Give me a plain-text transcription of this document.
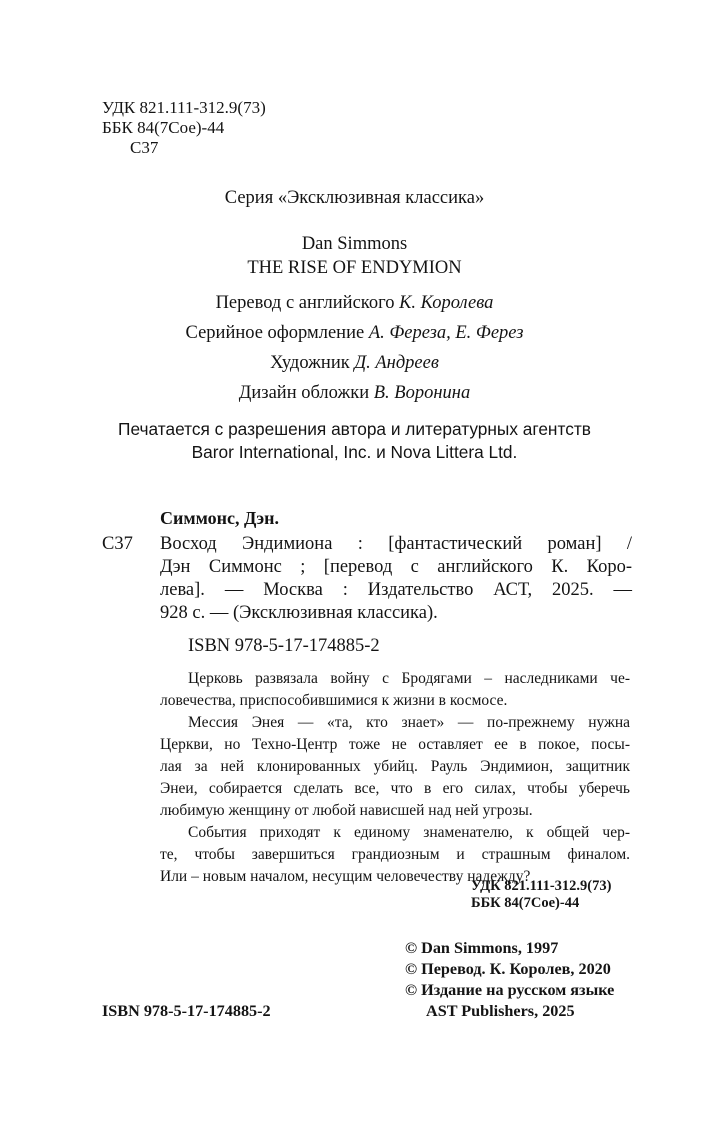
УДК 821.111-312.9(73)
ББК 84(7Сое)-44
С37
Серия «Эксклюзивная классика»
Dan Simmons
THE RISE OF ENDYMION
Перевод с английского К. Королева
Серийное оформление А. Фереза, Е. Ферез
Художник Д. Андреев
Дизайн обложки В. Воронина
Печатается с разрешения автора и литературных агентств
Baror International, Inc. и Nova Littera Ltd.
Симмонс, Дэн.
С37 Восход Эндимиона : [фантастический роман] /
Дэн Симмонс ; [перевод с английского К. Коро-
лева]. — Москва : Издательство АСТ, 2025. —
928 с. — (Эксклюзивная классика).
ISBN 978-5-17-174885-2
Церковь развязала войну с Бродягами – наследниками че-
ловечества, приспособившимися к жизни в космосе.
Мессия Энея — «та, кто знает» — по-прежнему нужна
Церкви, но Техно-Центр тоже не оставляет ее в покое, посы-
лая за ней клонированных убийц. Рауль Эндимион, защитник
Энеи, собирается сделать все, что в его силах, чтобы уберечь
любимую женщину от любой нависшей над ней угрозы.
События приходят к единому знаменателю, к общей чер-
те, чтобы завершиться грандиозным и страшным финалом.
Или – новым началом, несущим человечеству надежду?
УДК 821.111-312.9(73)
ББК 84(7Сое)-44
© Dan Simmons, 1997
© Перевод. К. Королев, 2020
© Издание на русском языке
AST Publishers, 2025
ISBN 978-5-17-174885-2
